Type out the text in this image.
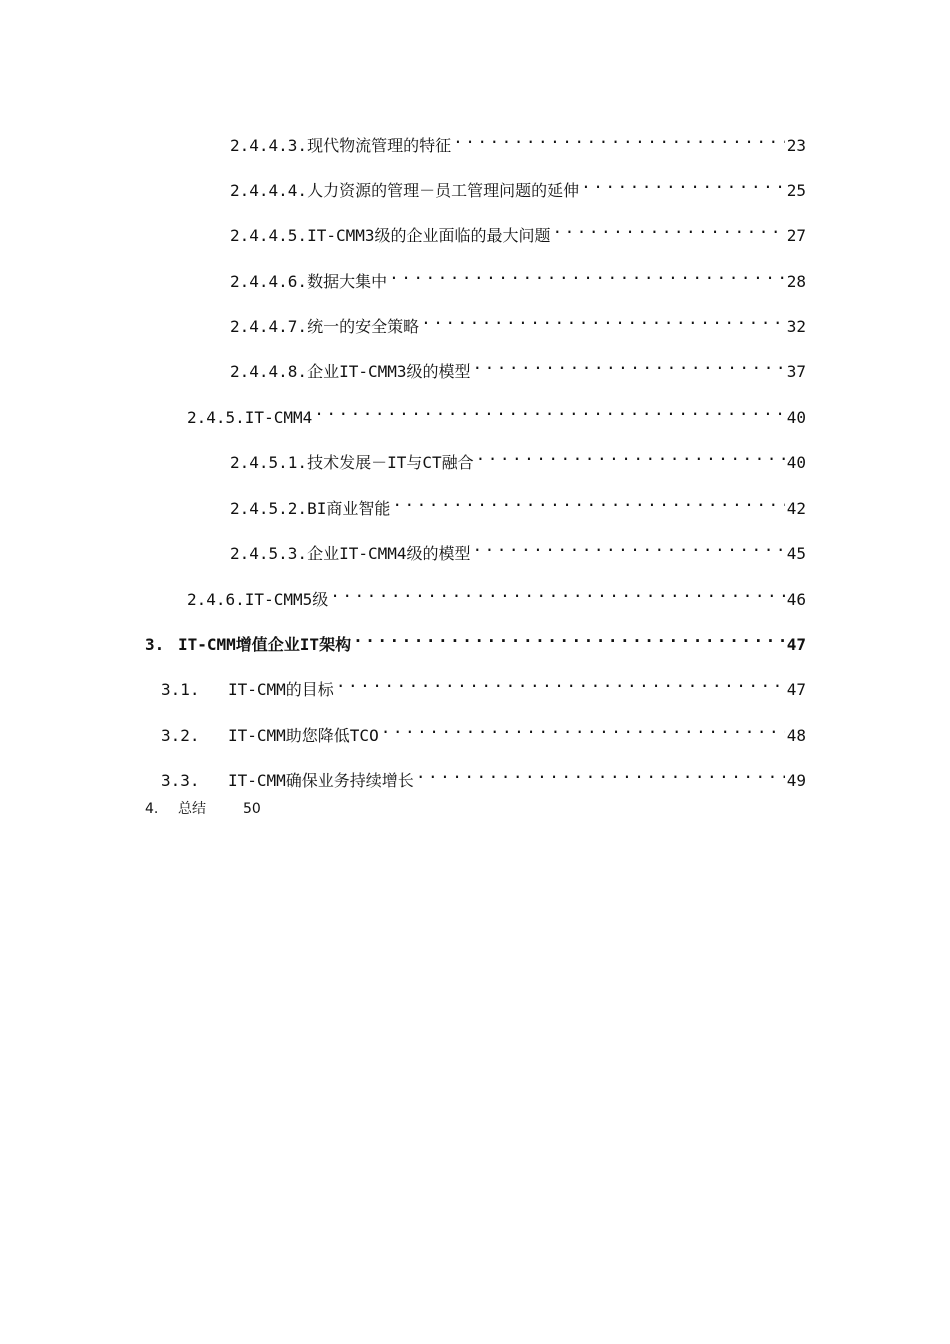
2.4.4.3.现代物流管理的特征 .....	23
2.4.4.4.人力资源的管理－员工管理问题的延伸 .....	25
2.4.4.5.IT-CMM3级的企业面临的最大问题 .....	27
2.4.4.6.数据大集中 .....	28
2.4.4.7.统一的安全策略 .....	32
2.4.4.8.企业IT-CMM3级的模型 .....	37
2.4.5.IT-CMM4 .....	40
2.4.5.1.技术发展－IT与CT融合 .....	40
2.4.5.2.BI商业智能 .....	42
2.4.5.3.企业IT-CMM4级的模型 .....	45
2.4.6.IT-CMM5级 .....	46
3. IT-CMM增值企业IT架构 .....	47
3.1. IT-CMM的目标 .....	47
3.2. IT-CMM助您降低TCO .....	48
3.3. IT-CMM确保业务持续增长 .....	49
4.	总结	50
